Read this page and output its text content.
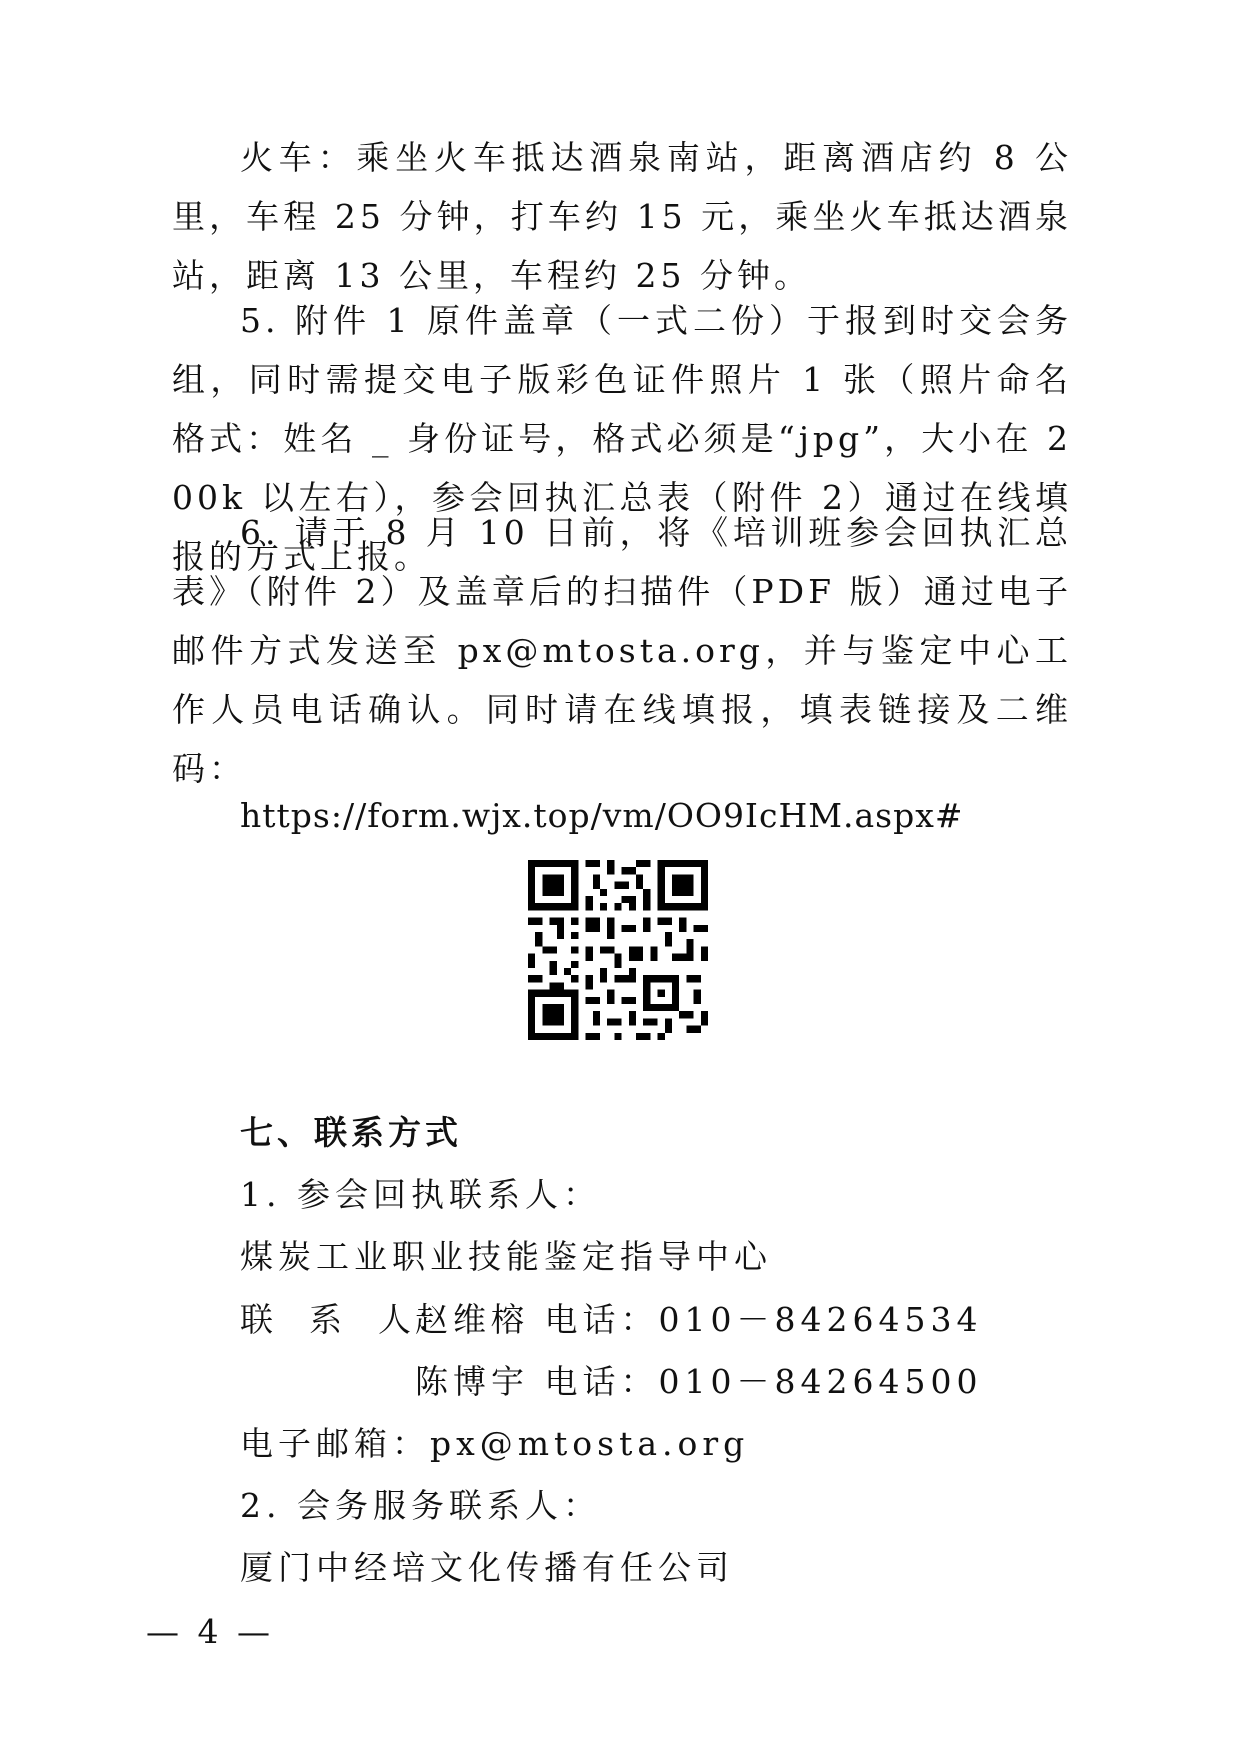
火车：乘坐火车抵达酒泉南站，距离酒店约 8 公里，车程 25 分钟，打车约 15 元，乘坐火车抵达酒泉站，距离 13 公里，车程约 25 分钟。
5. 附件 1 原件盖章（一式二份）于报到时交会务组，同时需提交电子版彩色证件照片 1 张（照片命名格式：姓名 _ 身份证号，格式必须是“jpg”，大小在 200k 以左右），参会回执汇总表（附件 2）通过在线填报的方式上报。
6. 请于 8 月 10 日前，将《培训班参会回执汇总表》（附件 2）及盖章后的扫描件（PDF 版）通过电子邮件方式发送至 px@mtosta.org，并与鉴定中心工作人员电话确认。同时请在线填报，填表链接及二维码：
https://form.wjx.top/vm/OO9IcHM.aspx#
七、联系方式
1. 参会回执联系人：
煤炭工业职业技能鉴定指导中心
联  系  人：
赵维榕 电话：010－84264534
陈博宇 电话：010－84264500
电子邮箱：px@mtosta.org
2. 会务服务联系人：
厦门中经培文化传播有任公司
— 4 —
